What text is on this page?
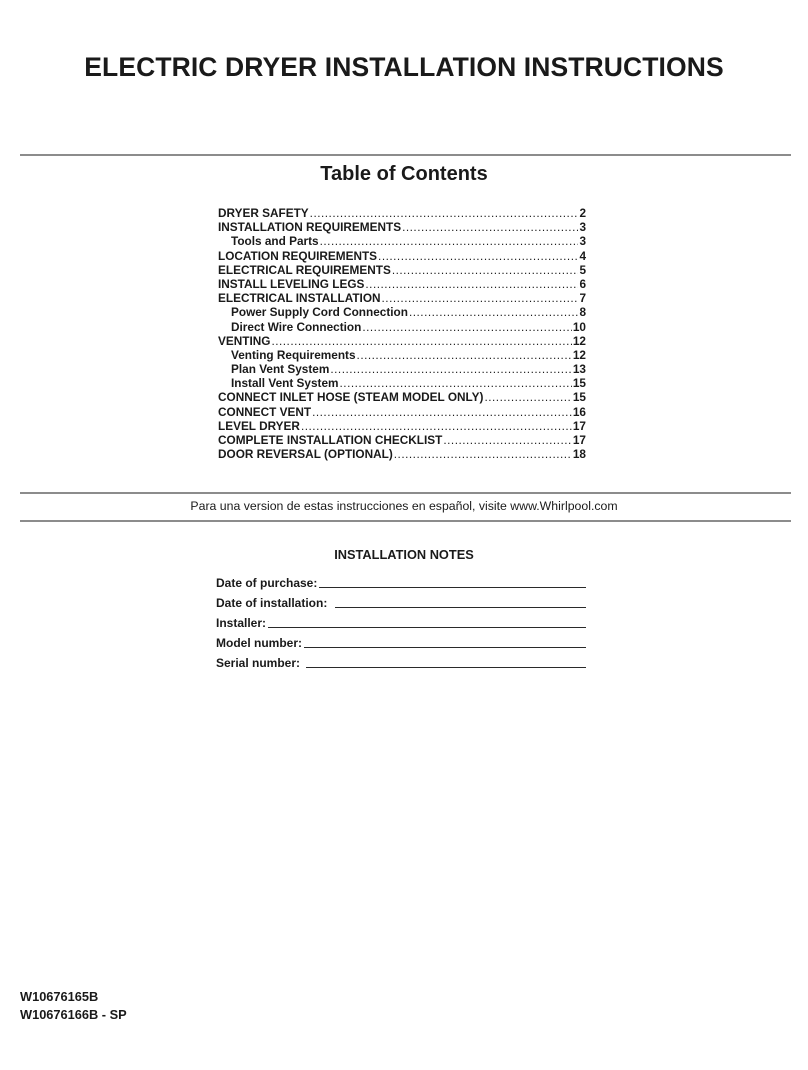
ELECTRIC DRYER INSTALLATION INSTRUCTIONS
Table of Contents
DRYER SAFETY .....	2
INSTALLATION REQUIREMENTS .....	3
Tools and Parts .....	3
LOCATION REQUIREMENTS .....	4
ELECTRICAL REQUIREMENTS .....	5
INSTALL LEVELING LEGS .....	6
ELECTRICAL INSTALLATION .....	7
Power Supply Cord Connection .....	8
Direct Wire Connection .....	10
VENTING .....	12
Venting Requirements .....	12
Plan Vent System .....	13
Install Vent System .....	15
CONNECT INLET HOSE (STEAM MODEL ONLY) .....	15
CONNECT VENT .....	16
LEVEL DRYER .....	17
COMPLETE INSTALLATION CHECKLIST .....	17
DOOR REVERSAL (OPTIONAL) .....	18
Para una version de estas instrucciones en español, visite www.Whirlpool.com
INSTALLATION NOTES
Date of purchase:
Date of installation:
Installer:
Model number:
Serial number:
W10676165B
W10676166B - SP
